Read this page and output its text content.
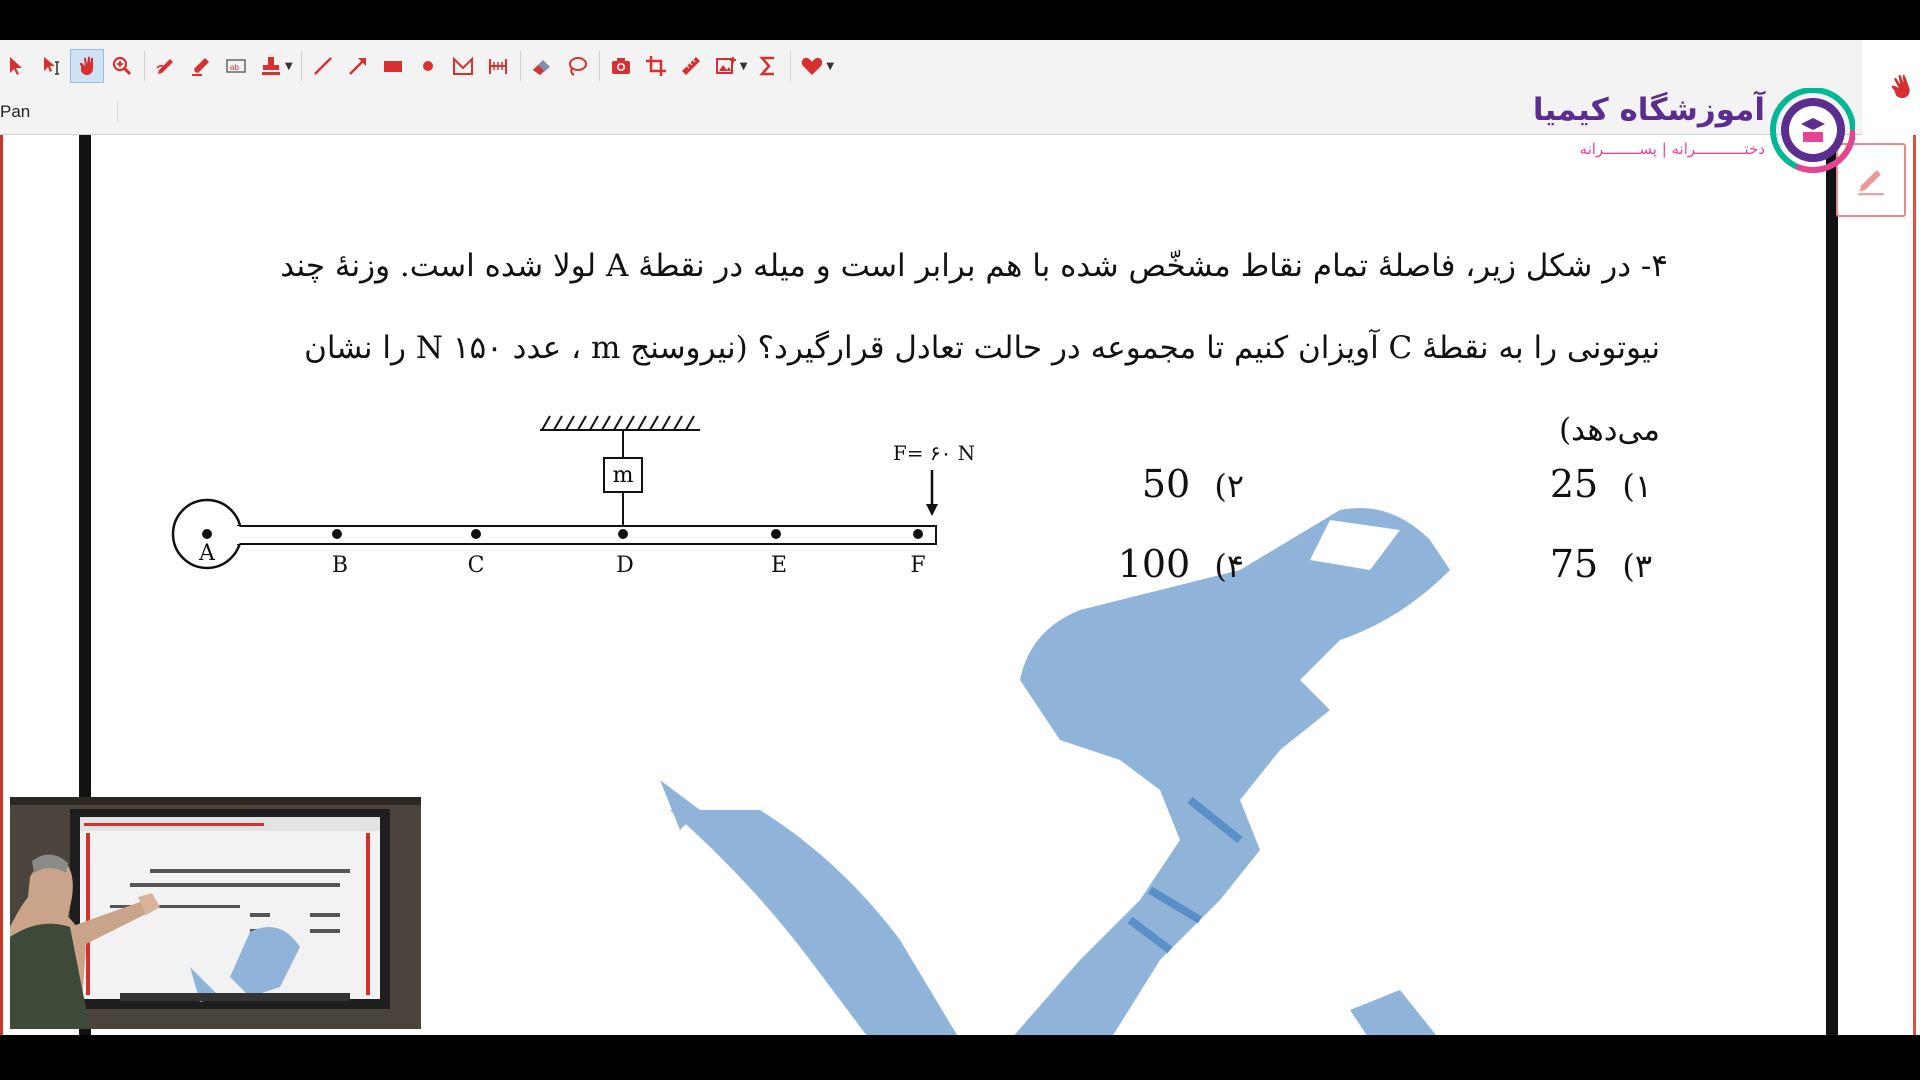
ab	▼	▼	▼
Pan	آموزشگاه کیمیا
دختـــــــــــرانه | پســــــــرانه
۴- در شکل زیر، فاصلهٔ تمام نقاط مشخّص شده با هم برابر است و میله در نقطهٔ A لولا شده است. وزنهٔ چند
نیوتونی را به نقطهٔ C آویزان کنیم تا مجموعه در حالت تعادل قرارگیرد؟ (نیروسنج m ، عدد ۱۵۰ N را نشان می‌دهد)
m
A	B	C	D	E	F
F= ۶۰ N
۱) 25
۲) 50
۳) 75
۴) 100
